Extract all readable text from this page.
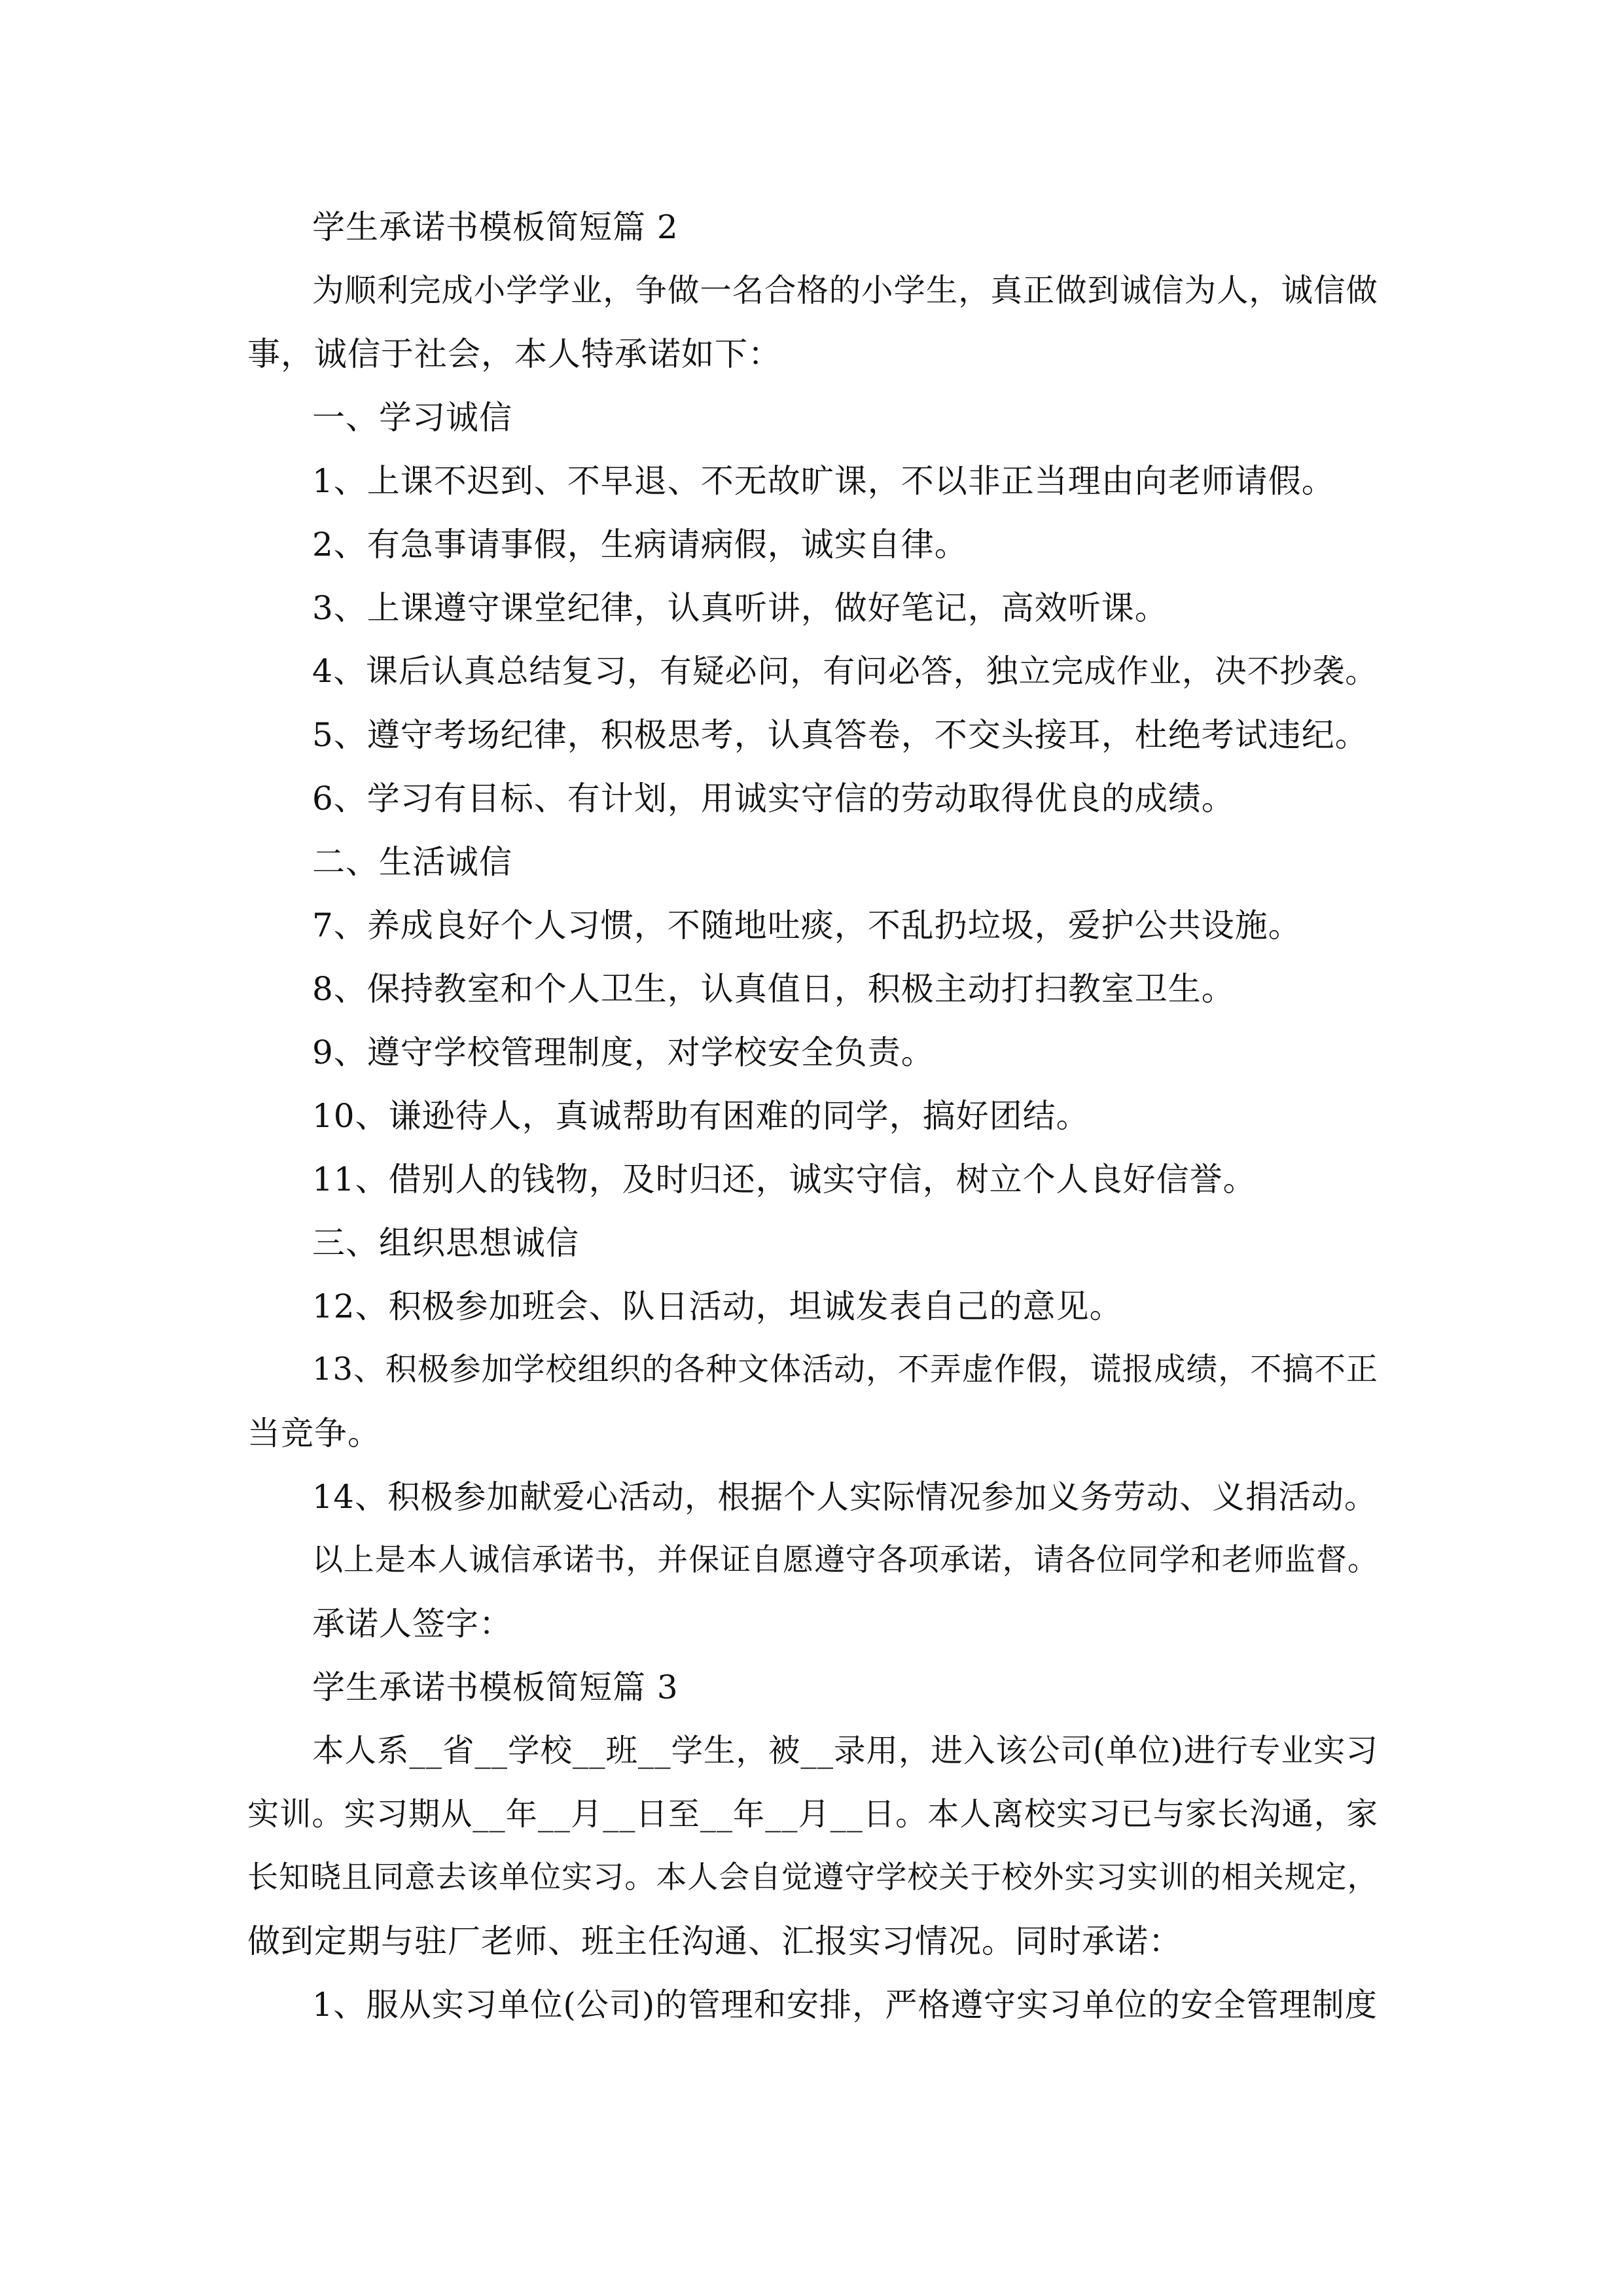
学生承诺书模板简短篇 2

为顺利完成小学学业，争做一名合格的小学生，真正做到诚信为人，诚信做

事，诚信于社会，本人特承诺如下：

一、学习诚信

1、上课不迟到、不早退、不无故旷课，不以非正当理由向老师请假。

2、有急事请事假，生病请病假，诚实自律。

3、上课遵守课堂纪律，认真听讲，做好笔记，高效听课。

4、课后认真总结复习，有疑必问，有问必答，独立完成作业，决不抄袭。

5、遵守考场纪律，积极思考，认真答卷，不交头接耳，杜绝考试违纪。

6、学习有目标、有计划，用诚实守信的劳动取得优良的成绩。

二、生活诚信

7、养成良好个人习惯，不随地吐痰，不乱扔垃圾，爱护公共设施。

8、保持教室和个人卫生，认真值日，积极主动打扫教室卫生。

9、遵守学校管理制度，对学校安全负责。

10、谦逊待人，真诚帮助有困难的同学，搞好团结。

11、借别人的钱物，及时归还，诚实守信，树立个人良好信誉。

三、组织思想诚信

12、积极参加班会、队日活动，坦诚发表自己的意见。

13、积极参加学校组织的各种文体活动，不弄虚作假，谎报成绩，不搞不正

当竞争。

14、积极参加献爱心活动，根据个人实际情况参加义务劳动、义捐活动。

以上是本人诚信承诺书，并保证自愿遵守各项承诺，请各位同学和老师监督。

承诺人签字：

学生承诺书模板简短篇 3

本人系__省__学校__班__学生，被__录用，进入该公司(单位)进行专业实习

实训。实习期从__年__月__日至__年__月__日。本人离校实习已与家长沟通，家

长知晓且同意去该单位实习。本人会自觉遵守学校关于校外实习实训的相关规定，

做到定期与驻厂老师、班主任沟通、汇报实习情况。同时承诺：

1、服从实习单位(公司)的管理和安排，严格遵守实习单位的安全管理制度
